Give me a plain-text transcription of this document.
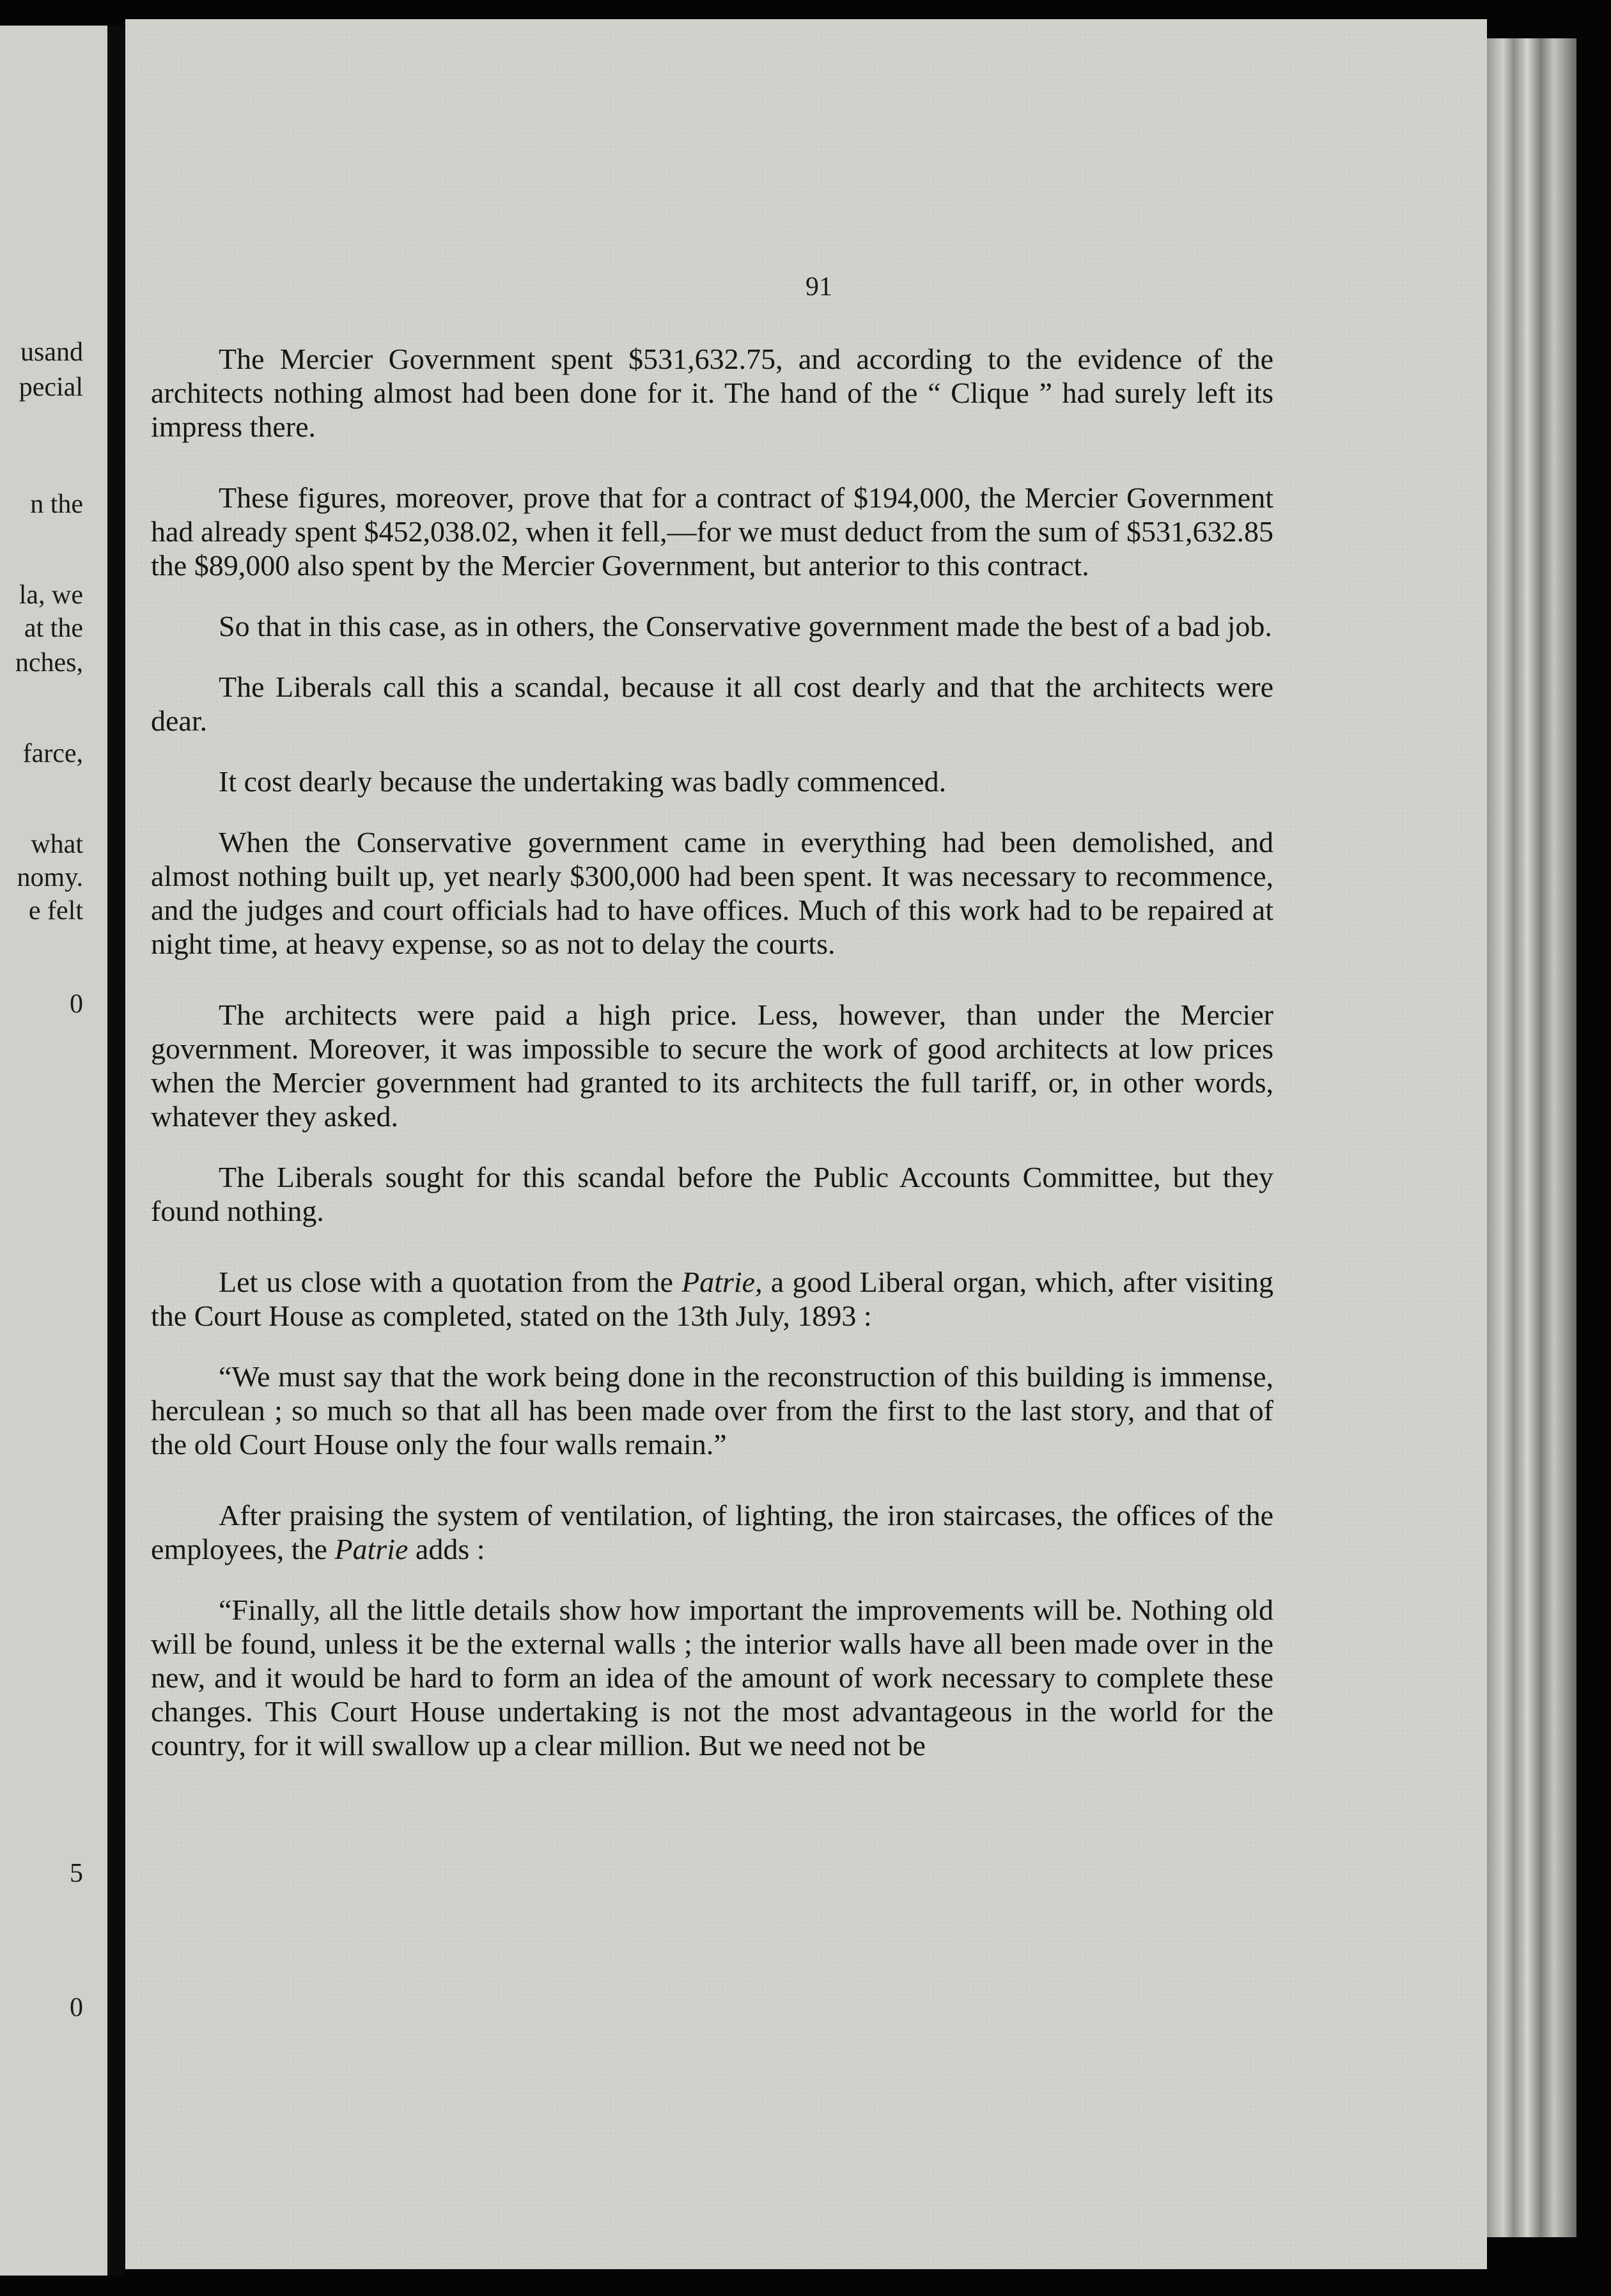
usand
pecial
n the
la, we
at the
nches,
farce,
what
nomy.
e felt
0
5
0
91

The Mercier Government spent $531,632.75, and according to the evidence of the architects nothing almost had been done for it. The hand of the “ Clique ” had surely left its impress there.

These figures, moreover, prove that for a contract of $194,000, the Mercier Government had already spent $452,038.02, when it fell,—for we must deduct from the sum of $531,632.85 the $89,000 also spent by the Mercier Government, but anterior to this contract.

So that in this case, as in others, the Conservative government made the best of a bad job.

The Liberals call this a scandal, because it all cost dearly and that the architects were dear.

It cost dearly because the undertaking was badly commenced.

When the Conservative government came in everything had been demolished, and almost nothing built up, yet nearly $300,000 had been spent. It was necessary to recommence, and the judges and court officials had to have offices. Much of this work had to be repaired at night time, at heavy expense, so as not to delay the courts.

The architects were paid a high price. Less, however, than under the Mercier government. Moreover, it was impossible to secure the work of good architects at low prices when the Mercier government had granted to its architects the full tariff, or, in other words, whatever they asked.

The Liberals sought for this scandal before the Public Accounts Committee, but they found nothing.

Let us close with a quotation from the Patrie, a good Liberal organ, which, after visiting the Court House as completed, stated on the 13th July, 1893 :

“We must say that the work being done in the reconstruction of this building is immense, herculean ; so much so that all has been made over from the first to the last story, and that of the old Court House only the four walls remain.”

After praising the system of ventilation, of lighting, the iron staircases, the offices of the employees, the Patrie adds :

“Finally, all the little details show how important the improvements will be. Nothing old will be found, unless it be the external walls ; the interior walls have all been made over in the new, and it would be hard to form an idea of the amount of work necessary to complete these changes. This Court House undertaking is not the most advantageous in the world for the country, for it will swallow up a clear million. But we need not be
